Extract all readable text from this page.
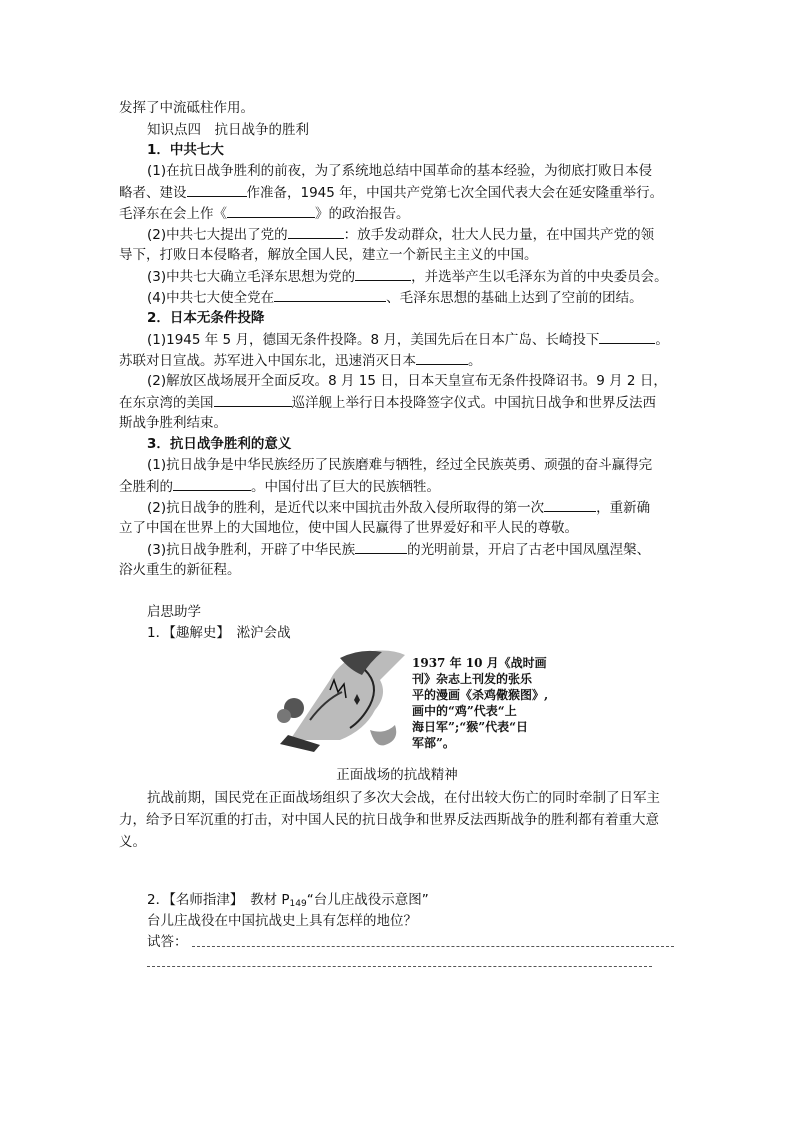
发挥了中流砥柱作用。
知识点四　抗日战争的胜利
1．中共七大
(1)在抗日战争胜利的前夜，为了系统地总结中国革命的基本经验，为彻底打败日本侵
略者、建设	作准备，1945 年，中国共产党第七次全国代表大会在延安隆重举行。
毛泽东在会上作《	》的政治报告。
(2)中共七大提出了党的	：放手发动群众，壮大人民力量，在中国共产党的领
导下，打败日本侵略者，解放全国人民，建立一个新民主主义的中国。
(3)中共七大确立毛泽东思想为党的	，并选举产生以毛泽东为首的中央委员会。
(4)中共七大使全党在	、毛泽东思想的基础上达到了空前的团结。
2．日本无条件投降
(1)1945 年 5 月，德国无条件投降。8 月，美国先后在日本广岛、长崎投下	。
苏联对日宣战。苏军进入中国东北，迅速消灭日本	。
(2)解放区战场展开全面反攻。8 月 15 日，日本天皇宣布无条件投降诏书。9 月 2 日，
在东京湾的美国	巡洋舰上举行日本投降签字仪式。中国抗日战争和世界反法西
斯战争胜利结束。
3．抗日战争胜利的意义
(1)抗日战争是中华民族经历了民族磨难与牺牲，经过全民族英勇、顽强的奋斗赢得完
全胜利的	。中国付出了巨大的民族牺牲。
(2)抗日战争的胜利，是近代以来中国抗击外敌入侵所取得的第一次	，重新确
立了中国在世界上的大国地位，使中国人民赢得了世界爱好和平人民的尊敬。
(3)抗日战争胜利，开辟了中华民族	的光明前景，开启了古老中国凤凰涅槃、
浴火重生的新征程。
启思助学
1．【趣解史】　淞沪会战
1937 年 10 月《战时画
刊》杂志上刊发的张乐
平的漫画《杀鸡儆猴图》,
画中的“鸡”代表“上
海日军”;“猴”代表“日
军部”。
正面战场的抗战精神
抗战前期，国民党在正面战场组织了多次大会战，在付出较大伤亡的同时牵制了日军主
力，给予日军沉重的打击，对中国人民的抗日战争和世界反法西斯战争的胜利都有着重大意
义。
2．【名师指津】　教材 $P_{149}“$台儿庄战役示意图”
台儿庄战役在中国抗战史上具有怎样的地位？
试答：
